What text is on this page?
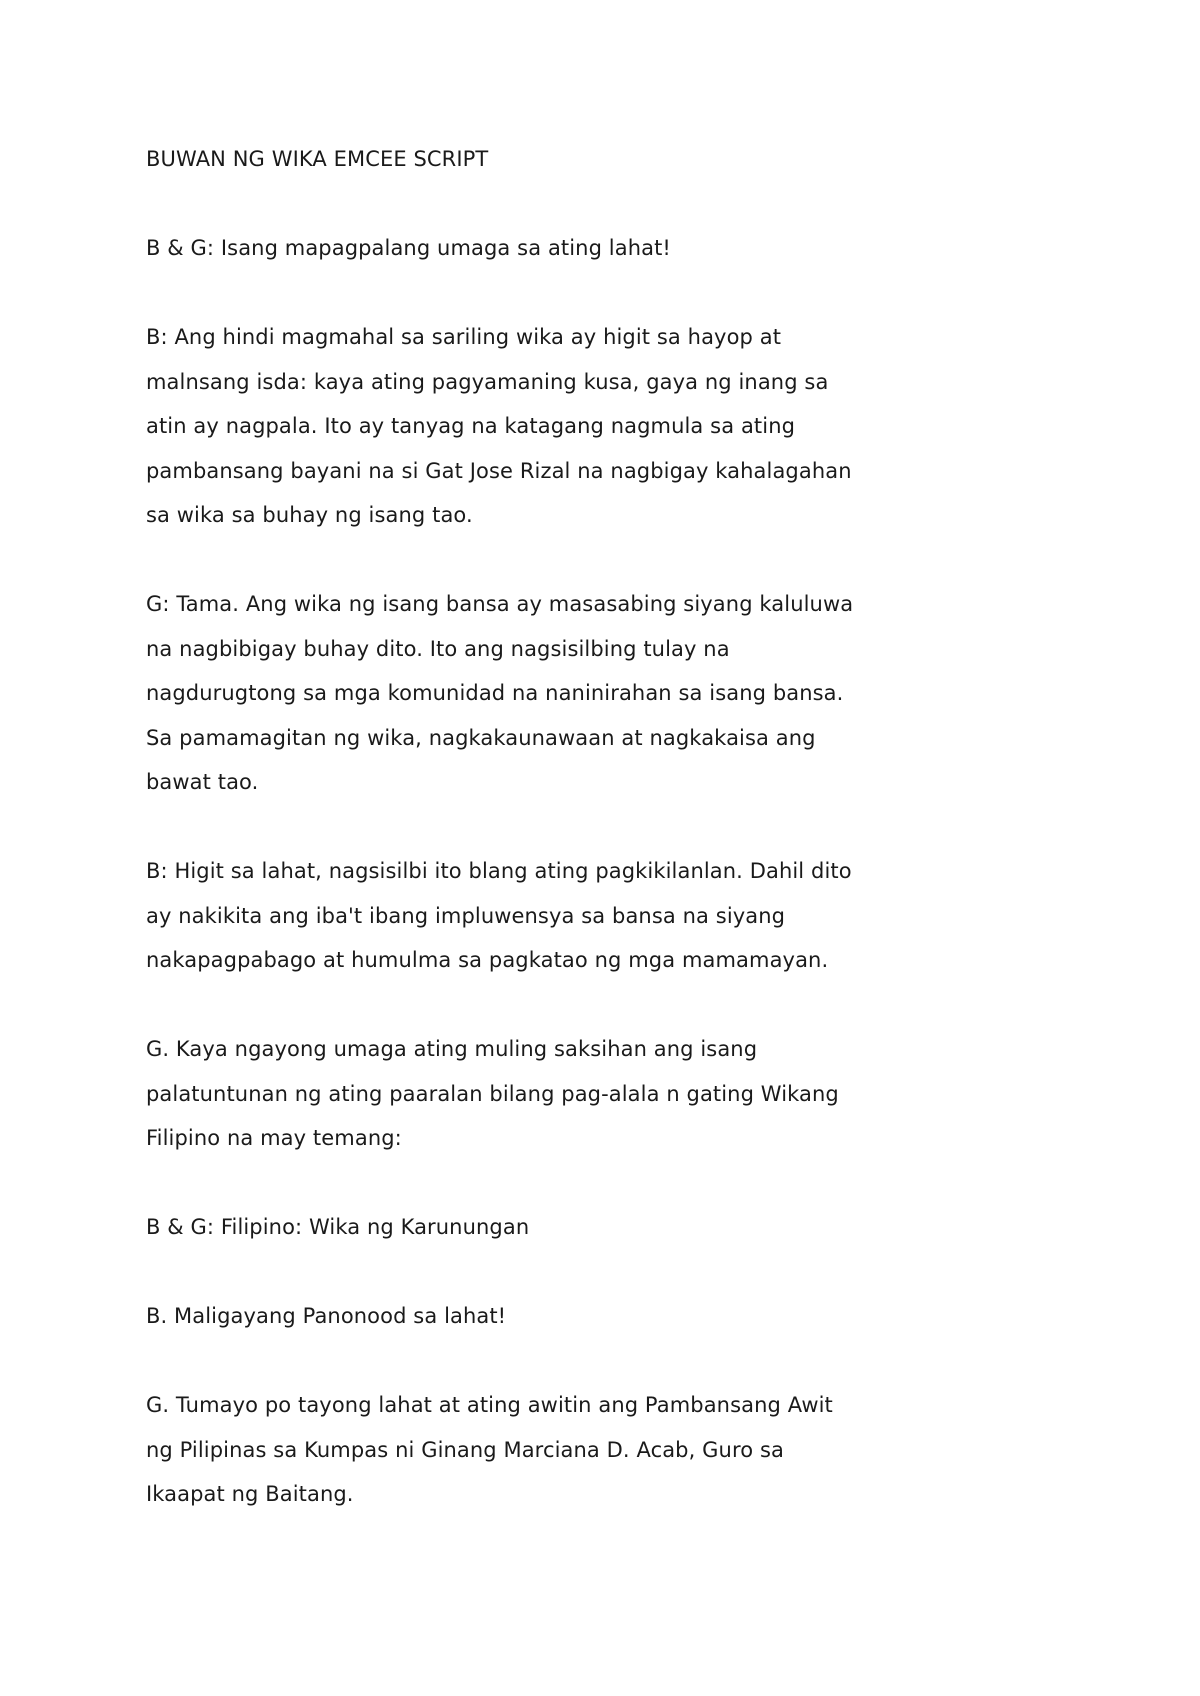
BUWAN NG WIKA EMCEE SCRIPT
B & G: Isang mapagpalang umaga sa ating lahat!
B: Ang hindi magmahal sa sariling wika ay higit sa hayop at
malnsang isda: kaya ating pagyamaning kusa, gaya ng inang sa
atin ay nagpala. Ito ay tanyag na katagang nagmula sa ating
pambansang bayani na si Gat Jose Rizal na nagbigay kahalagahan
sa wika sa buhay ng isang tao.
G: Tama. Ang wika ng isang bansa ay masasabing siyang kaluluwa
na nagbibigay buhay dito. Ito ang nagsisilbing tulay na
nagdurugtong sa mga komunidad na naninirahan sa isang bansa.
Sa pamamagitan ng wika, nagkakaunawaan at nagkakaisa ang
bawat tao.
B: Higit sa lahat, nagsisilbi ito blang ating pagkikilanlan. Dahil dito
ay nakikita ang iba't ibang impluwensya sa bansa na siyang
nakapagpabago at humulma sa pagkatao ng mga mamamayan.
G. Kaya ngayong umaga ating muling saksihan ang isang
palatuntunan ng ating paaralan bilang pag-alala n gating Wikang
Filipino na may temang:
B & G: Filipino: Wika ng Karunungan
B. Maligayang Panonood sa lahat!
G. Tumayo po tayong lahat at ating awitin ang Pambansang Awit
ng Pilipinas sa Kumpas ni Ginang Marciana D. Acab, Guro sa
Ikaapat ng Baitang.
